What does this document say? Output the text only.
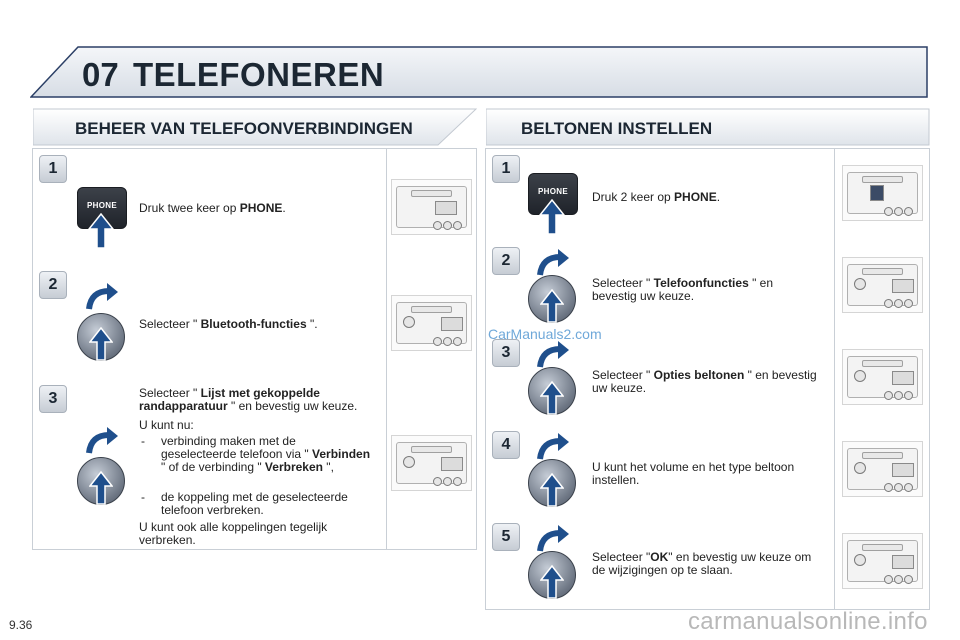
07 TELEFONEREN
BEHEER VAN TELEFOONVERBINDINGEN	BELTONEN INSTELLEN
1
PHONE	Druk twee keer op PHONE.
2
Selecteer " Bluetooth-functies ".
3	Selecteer " Lijst met gekoppelde randapparatuur " en bevestig uw keuze.
U kunt nu:
- verbinding maken met de geselecteerde telefoon via " Verbinden " of de verbinding " Verbreken ",
- de koppeling met de geselecteerde telefoon verbreken.
U kunt ook alle koppelingen tegelijk verbreken.
1
PHONE	Druk 2 keer op PHONE.
2
Selecteer " Telefoonfuncties " en bevestig uw keuze.
3
Selecteer " Opties beltonen " en bevestig uw keuze.
4
U kunt het volume en het type beltoon instellen.
5
Selecteer "OK" en bevestig uw keuze om de wijzigingen op te slaan.
CarManuals2.com
9.36	carmanualsonline.info
